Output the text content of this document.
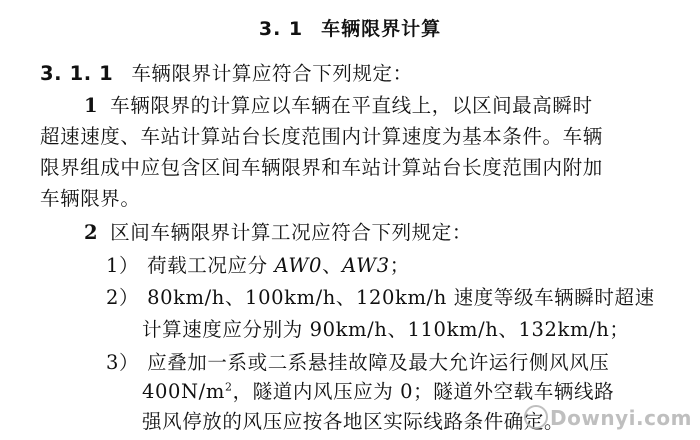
3. 1 车辆限界计算
3. 1. 1 车辆限界计算应符合下列规定：
1 车辆限界的计算应以车辆在平直线上，以区间最高瞬时
超速速度、车站计算站台长度范围内计算速度为基本条件。车辆
限界组成中应包含区间车辆限界和车站计算站台长度范围内附加
车辆限界。
2 区间车辆限界计算工况应符合下列规定：
1） 荷载工况应分 AW0、AW3；
2） 80km/h、100km/h、120km/h 速度等级车辆瞬时超速
计算速度应分别为 90km/h、110km/h、132km/h；
3） 应叠加一系或二系悬挂故障及最大允许运行侧风风压
$400N/m^2$，隧道内风压应为 0；隧道外空载车辆线路
强风停放的风压应按各地区实际线路条件确定。
Downyi.com
